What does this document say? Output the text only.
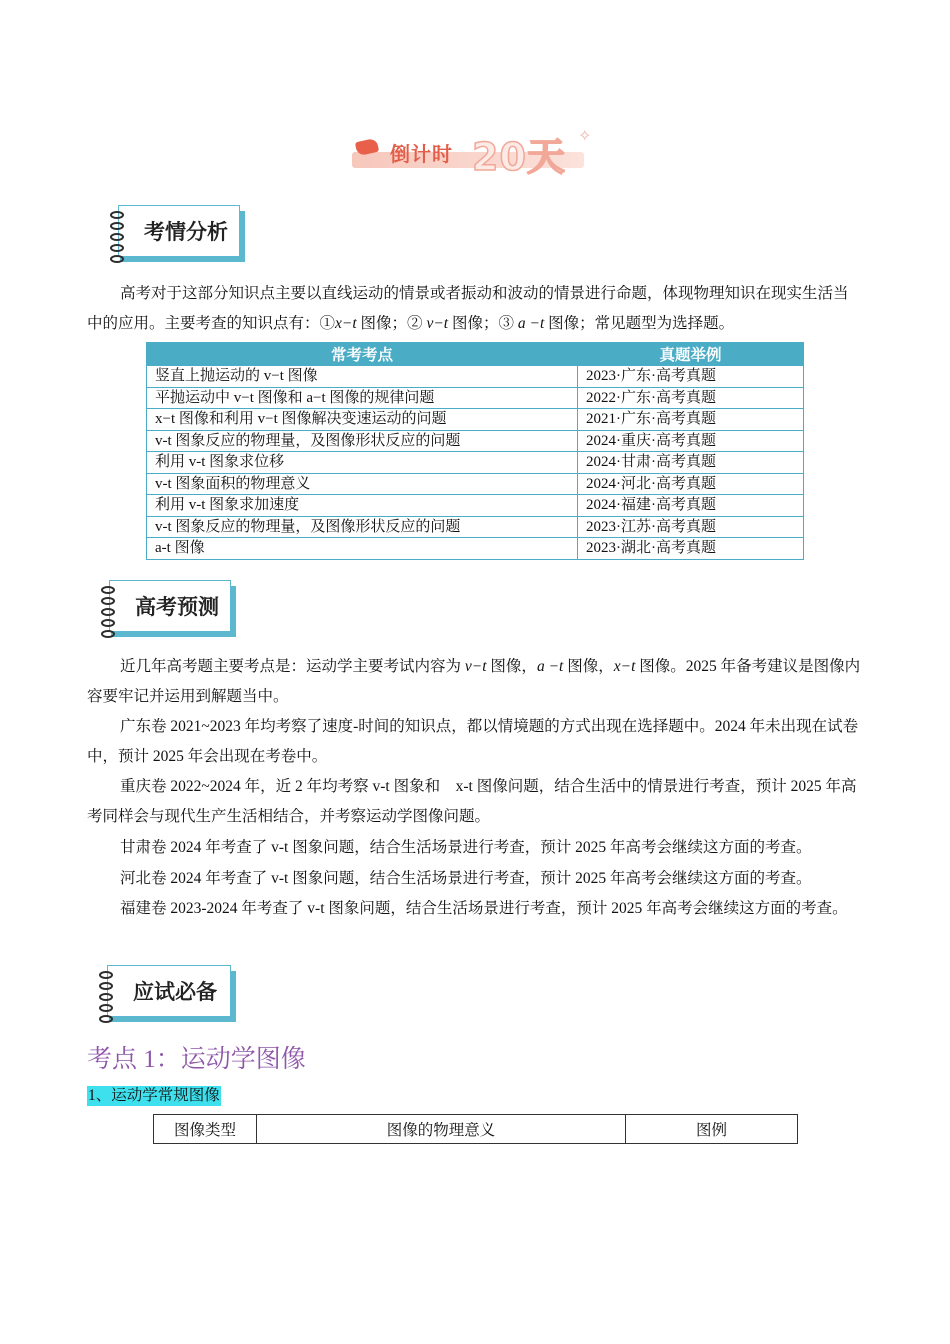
倒计时 20天 ✧
考情分析

高考对于这部分知识点主要以直线运动的情景或者振动和波动的情景进行命题，体现物理知识在现实生活当中的应用。主要考查的知识点有：①x−t 图像；② v−t 图像；③ a −t 图像；常见题型为选择题。

常考考点	真题举例
竖直上抛运动的 v−t 图像	2023·广东·高考真题
平抛运动中 v−t 图像和 a−t 图像的规律问题	2022·广东·高考真题
x−t 图像和利用 v−t 图像解决变速运动的问题	2021·广东·高考真题
v-t 图象反应的物理量，及图像形状反应的问题	2024·重庆·高考真题
利用 v-t 图象求位移	2024·甘肃·高考真题
v-t 图象面积的物理意义	2024·河北·高考真题
利用 v-t 图象求加速度	2024·福建·高考真题
v-t 图象反应的物理量，及图像形状反应的问题	2023·江苏·高考真题
a-t 图像	2023·湖北·高考真题
高考预测

近几年高考题主要考点是：运动学主要考试内容为 v−t 图像，a −t 图像，x−t 图像。2025 年备考建议是图像内容要牢记并运用到解题当中。

广东卷 2021~2023 年均考察了速度-时间的知识点，都以情境题的方式出现在选择题中。2024 年未出现在试卷中，预计 2025 年会出现在考卷中。

重庆卷 2022~2024 年，近 2 年均考察 v-t 图象和　x-t 图像问题，结合生活中的情景进行考查，预计 2025 年高考同样会与现代生产生活相结合，并考察运动学图像问题。

甘肃卷 2024 年考查了 v-t 图象问题，结合生活场景进行考查，预计 2025 年高考会继续这方面的考查。

河北卷 2024 年考查了 v-t 图象问题，结合生活场景进行考查，预计 2025 年高考会继续这方面的考查。

福建卷 2023-2024 年考查了 v-t 图象问题，结合生活场景进行考查，预计 2025 年高考会继续这方面的考查。

应试必备
考点 1：运动学图像
1、运动学常规图像
图像类型	图像的物理意义	图例
